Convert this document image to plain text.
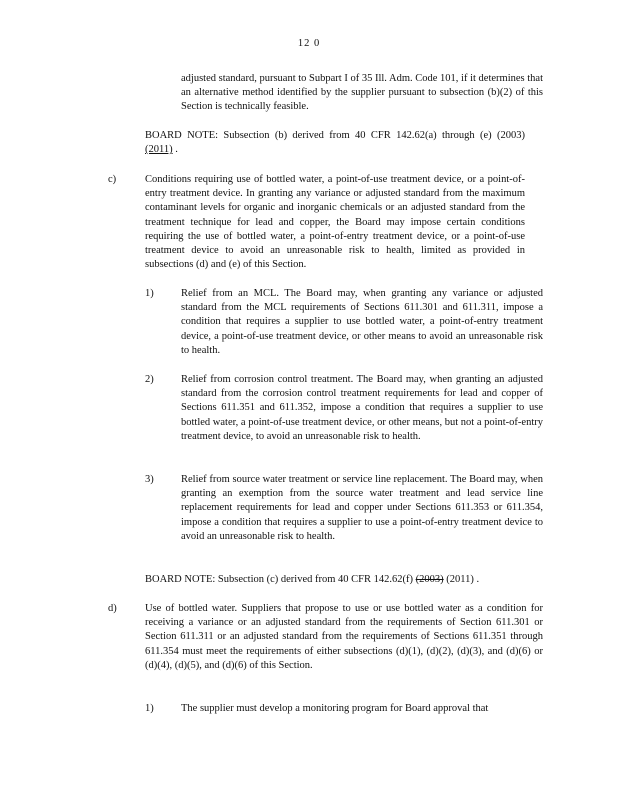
12 0
adjusted standard, pursuant to Subpart I of 35 Ill. Adm. Code 101, if it determines that an alternative method identified by the supplier pursuant to subsection (b)(2) of this Section is technically feasible.
BOARD NOTE: Subsection (b) derived from 40 CFR 142.62(a) through (e) (2003) (2011) .
c)	Conditions requiring use of bottled water, a point-of-use treatment device, or a point-of-entry treatment device. In granting any variance or adjusted standard from the maximum contaminant levels for organic and inorganic chemicals or an adjusted standard from the treatment technique for lead and copper, the Board may impose certain conditions requiring the use of bottled water, a point-of-entry treatment device, or a point-of-use treatment device to avoid an unreasonable risk to health, limited as provided in subsections (d) and (e) of this Section.
1)	Relief from an MCL. The Board may, when granting any variance or adjusted standard from the MCL requirements of Sections 611.301 and 611.311, impose a condition that requires a supplier to use bottled water, a point-of-entry treatment device, a point-of-use treatment device, or other means to avoid an unreasonable risk to health.
2)	Relief from corrosion control treatment. The Board may, when granting an adjusted standard from the corrosion control treatment requirements for lead and copper of Sections 611.351 and 611.352, impose a condition that requires a supplier to use bottled water, a point-of-use treatment device, or other means, but not a point-of-entry treatment device, to avoid an unreasonable risk to health.
3)	Relief from source water treatment or service line replacement. The Board may, when granting an exemption from the source water treatment and lead service line replacement requirements for lead and copper under Sections 611.353 or 611.354, impose a condition that requires a supplier to use a point-of-entry treatment device to avoid an unreasonable risk to health.
BOARD NOTE: Subsection (c) derived from 40 CFR 142.62(f) (2003) (2011) .
d)	Use of bottled water. Suppliers that propose to use or use bottled water as a condition for receiving a variance or an adjusted standard from the requirements of Section 611.301 or Section 611.311 or an adjusted standard from the requirements of Sections 611.351 through 611.354 must meet the requirements of either subsections (d)(1), (d)(2), (d)(3), and (d)(6) or (d)(4), (d)(5), and (d)(6) of this Section.
1)	The supplier must develop a monitoring program for Board approval that
